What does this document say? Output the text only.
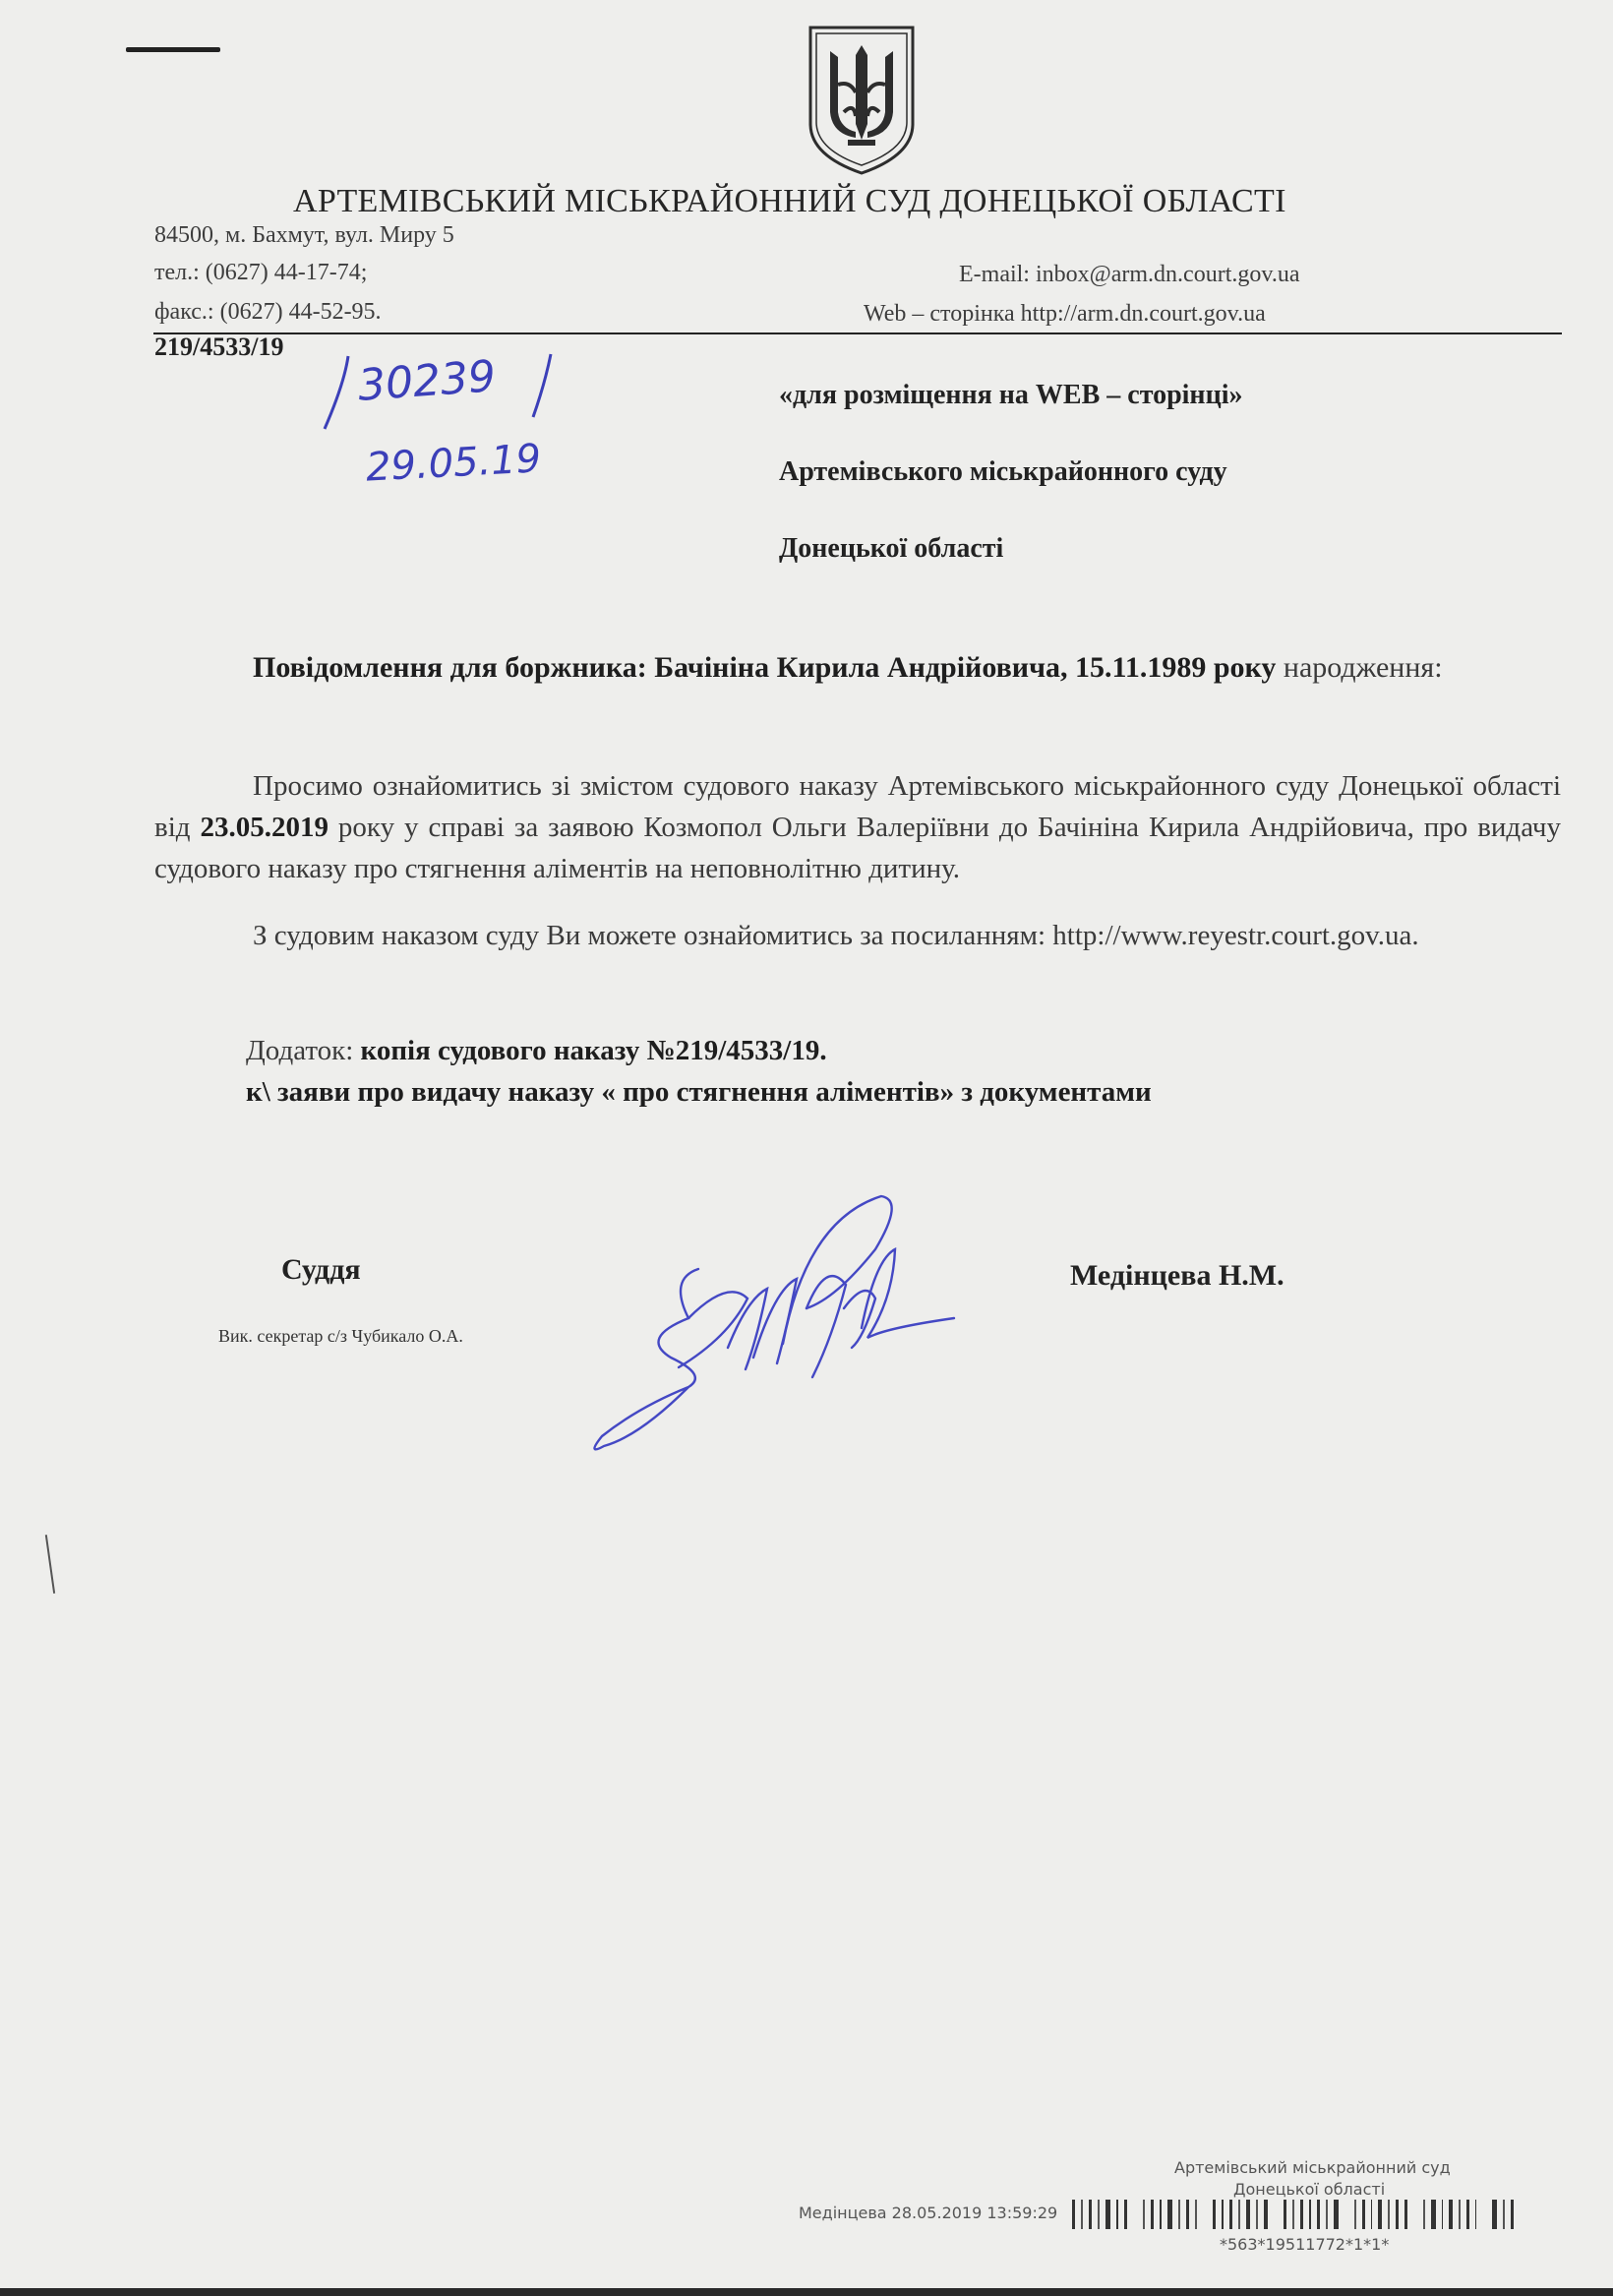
АРТЕМІВСЬКИЙ МІСЬКРАЙОННИЙ СУД ДОНЕЦЬКОЇ ОБЛАСТІ
84500, м. Бахмут, вул. Миру 5
тел.: (0627) 44-17-74;
факс.: (0627) 44-52-95.
E-mail: inbox@arm.dn.court.gov.ua
Web – сторінка http://arm.dn.court.gov.ua
219/4533/19
30239
29.05.19
«для розміщення на WEB – сторінці»
Артемівського міськрайонного суду
Донецької області
Повідомлення для боржника: Бачініна Кирила Андрійовича, 15.11.1989 року народження:
Просимо ознайомитись зі змістом судового наказу Артемівського міськрайонного суду Донецької області від 23.05.2019 року у справі за заявою Козмопол Ольги Валеріївни до Бачініна Кирила Андрійовича, про видачу судового наказу про стягнення аліментів на неповнолітню дитину.
З судовим наказом суду Ви можете ознайомитись за посиланням: http://www.reyestr.court.gov.ua.
Додаток: копія судового наказу №219/4533/19.
к\ заяви про видачу наказу « про стягнення аліментів» з документами
Суддя	Медінцева Н.М.
Вик. секретар с/з Чубикало О.А.
Артемівський міськрайонний суд
Донецької області
Медінцева 28.05.2019 13:59:29
*563*19511772*1*1*
